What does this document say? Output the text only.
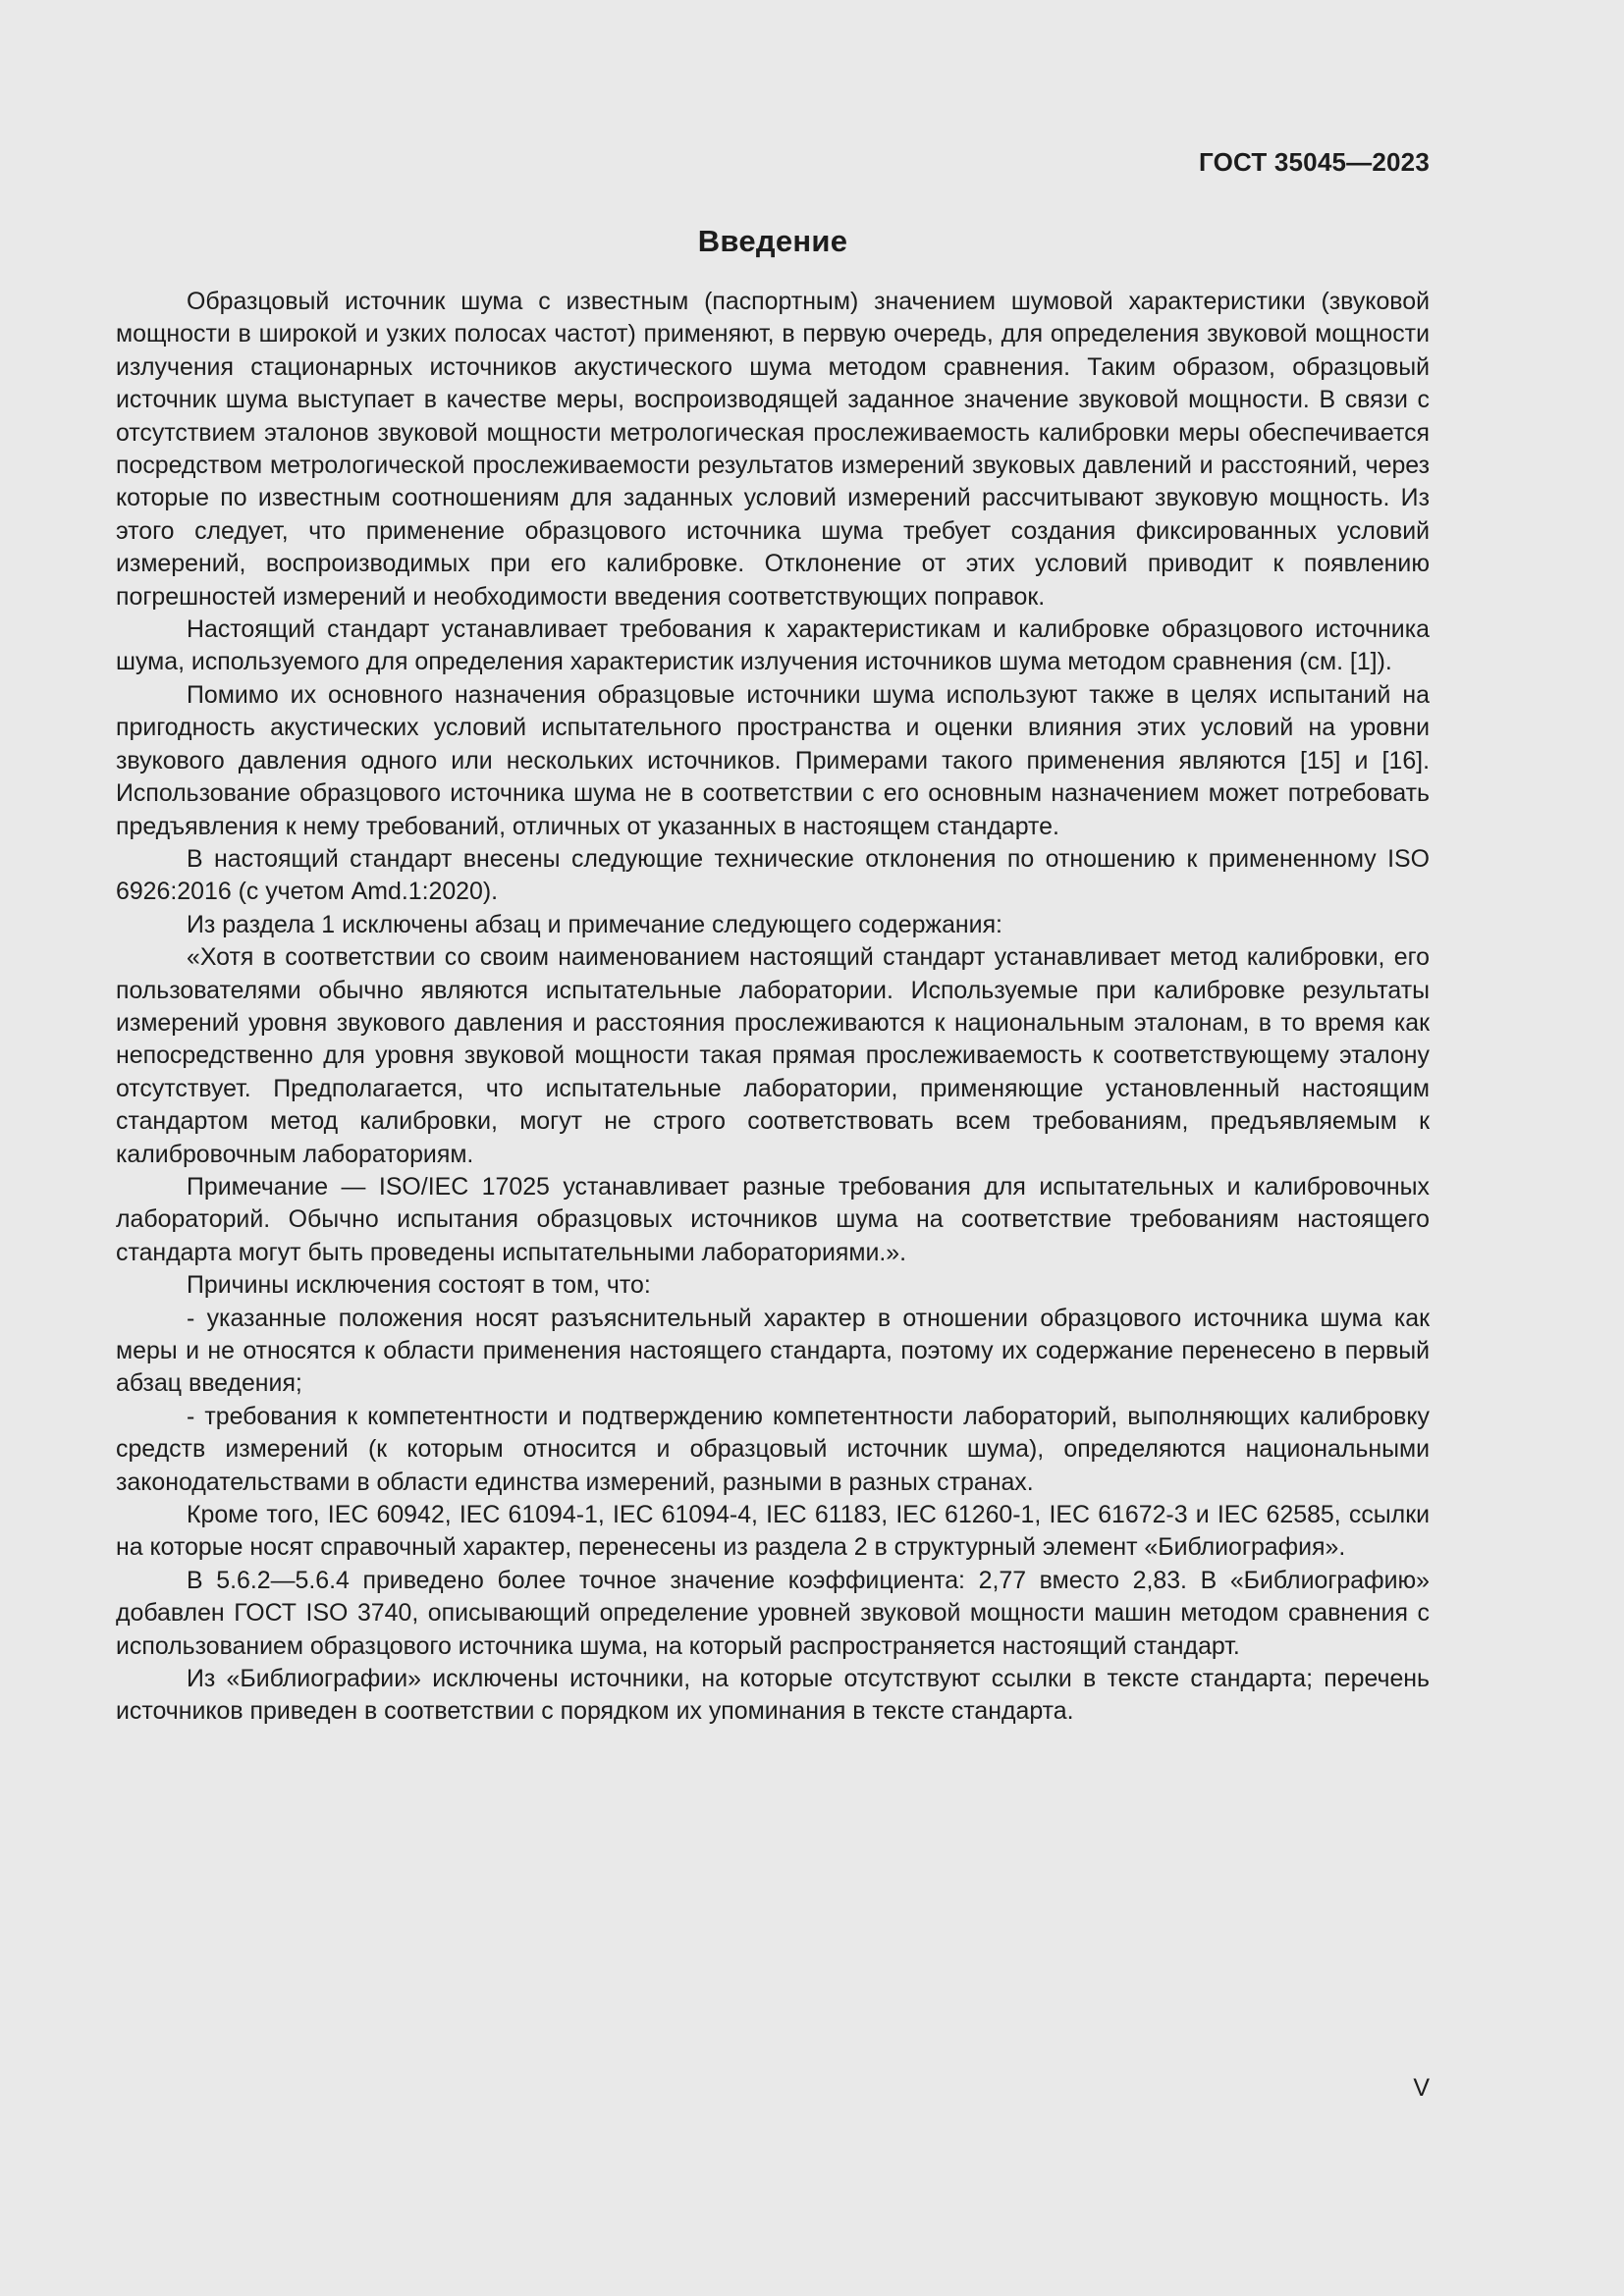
ГОСТ 35045—2023
Введение

Образцовый источник шума с известным (паспортным) значением шумовой характеристики (звуковой мощности в широкой и узких полосах частот) применяют, в первую очередь, для определения звуковой мощности излучения стационарных источников акустического шума методом сравнения. Таким образом, образцовый источник шума выступает в качестве меры, воспроизводящей заданное значение звуковой мощности. В связи с отсутствием эталонов звуковой мощности метрологическая прослеживаемость калибровки меры обеспечивается посредством метрологической прослеживаемости результатов измерений звуковых давлений и расстояний, через которые по известным соотношениям для заданных условий измерений рассчитывают звуковую мощность. Из этого следует, что применение образцового источника шума требует создания фиксированных условий измерений, воспроизводимых при его калибровке. Отклонение от этих условий приводит к появлению погрешностей измерений и необходимости введения соответствующих поправок.

Настоящий стандарт устанавливает требования к характеристикам и калибровке образцового источника шума, используемого для определения характеристик излучения источников шума методом сравнения (см. [1]).

Помимо их основного назначения образцовые источники шума используют также в целях испытаний на пригодность акустических условий испытательного пространства и оценки влияния этих условий на уровни звукового давления одного или нескольких источников. Примерами такого применения являются [15] и [16]. Использование образцового источника шума не в соответствии с его основным назначением может потребовать предъявления к нему требований, отличных от указанных в настоящем стандарте.

В настоящий стандарт внесены следующие технические отклонения по отношению к примененному ISO 6926:2016 (с учетом Amd.1:2020).

Из раздела 1 исключены абзац и примечание следующего содержания:

«Хотя в соответствии со своим наименованием настоящий стандарт устанавливает метод калибровки, его пользователями обычно являются испытательные лаборатории. Используемые при калибровке результаты измерений уровня звукового давления и расстояния прослеживаются к национальным эталонам, в то время как непосредственно для уровня звуковой мощности такая прямая прослеживаемость к соответствующему эталону отсутствует. Предполагается, что испытательные лаборатории, применяющие установленный настоящим стандартом метод калибровки, могут не строго соответствовать всем требованиям, предъявляемым к калибровочным лабораториям.

Примечание — ISO/IEC 17025 устанавливает разные требования для испытательных и калибровочных лабораторий. Обычно испытания образцовых источников шума на соответствие требованиям настоящего стандарта могут быть проведены испытательными лабораториями.».

Причины исключения состоят в том, что:

- указанные положения носят разъяснительный характер в отношении образцового источника шума как меры и не относятся к области применения настоящего стандарта, поэтому их содержание перенесено в первый абзац введения;

- требования к компетентности и подтверждению компетентности лабораторий, выполняющих калибровку средств измерений (к которым относится и образцовый источник шума), определяются национальными законодательствами в области единства измерений, разными в разных странах.

Кроме того, IEC 60942, IEC 61094-1, IEC 61094-4, IEC 61183, IEC 61260-1, IEC 61672-3 и IEC 62585, ссылки на которые носят справочный характер, перенесены из раздела 2 в структурный элемент «Библиография».

В 5.6.2—5.6.4 приведено более точное значение коэффициента: 2,77 вместо 2,83. В «Библиографию» добавлен ГОСТ ISO 3740, описывающий определение уровней звуковой мощности машин методом сравнения с использованием образцового источника шума, на который распространяется настоящий стандарт.

Из «Библиографии» исключены источники, на которые отсутствуют ссылки в тексте стандарта; перечень источников приведен в соответствии с порядком их упоминания в тексте стандарта.

V
